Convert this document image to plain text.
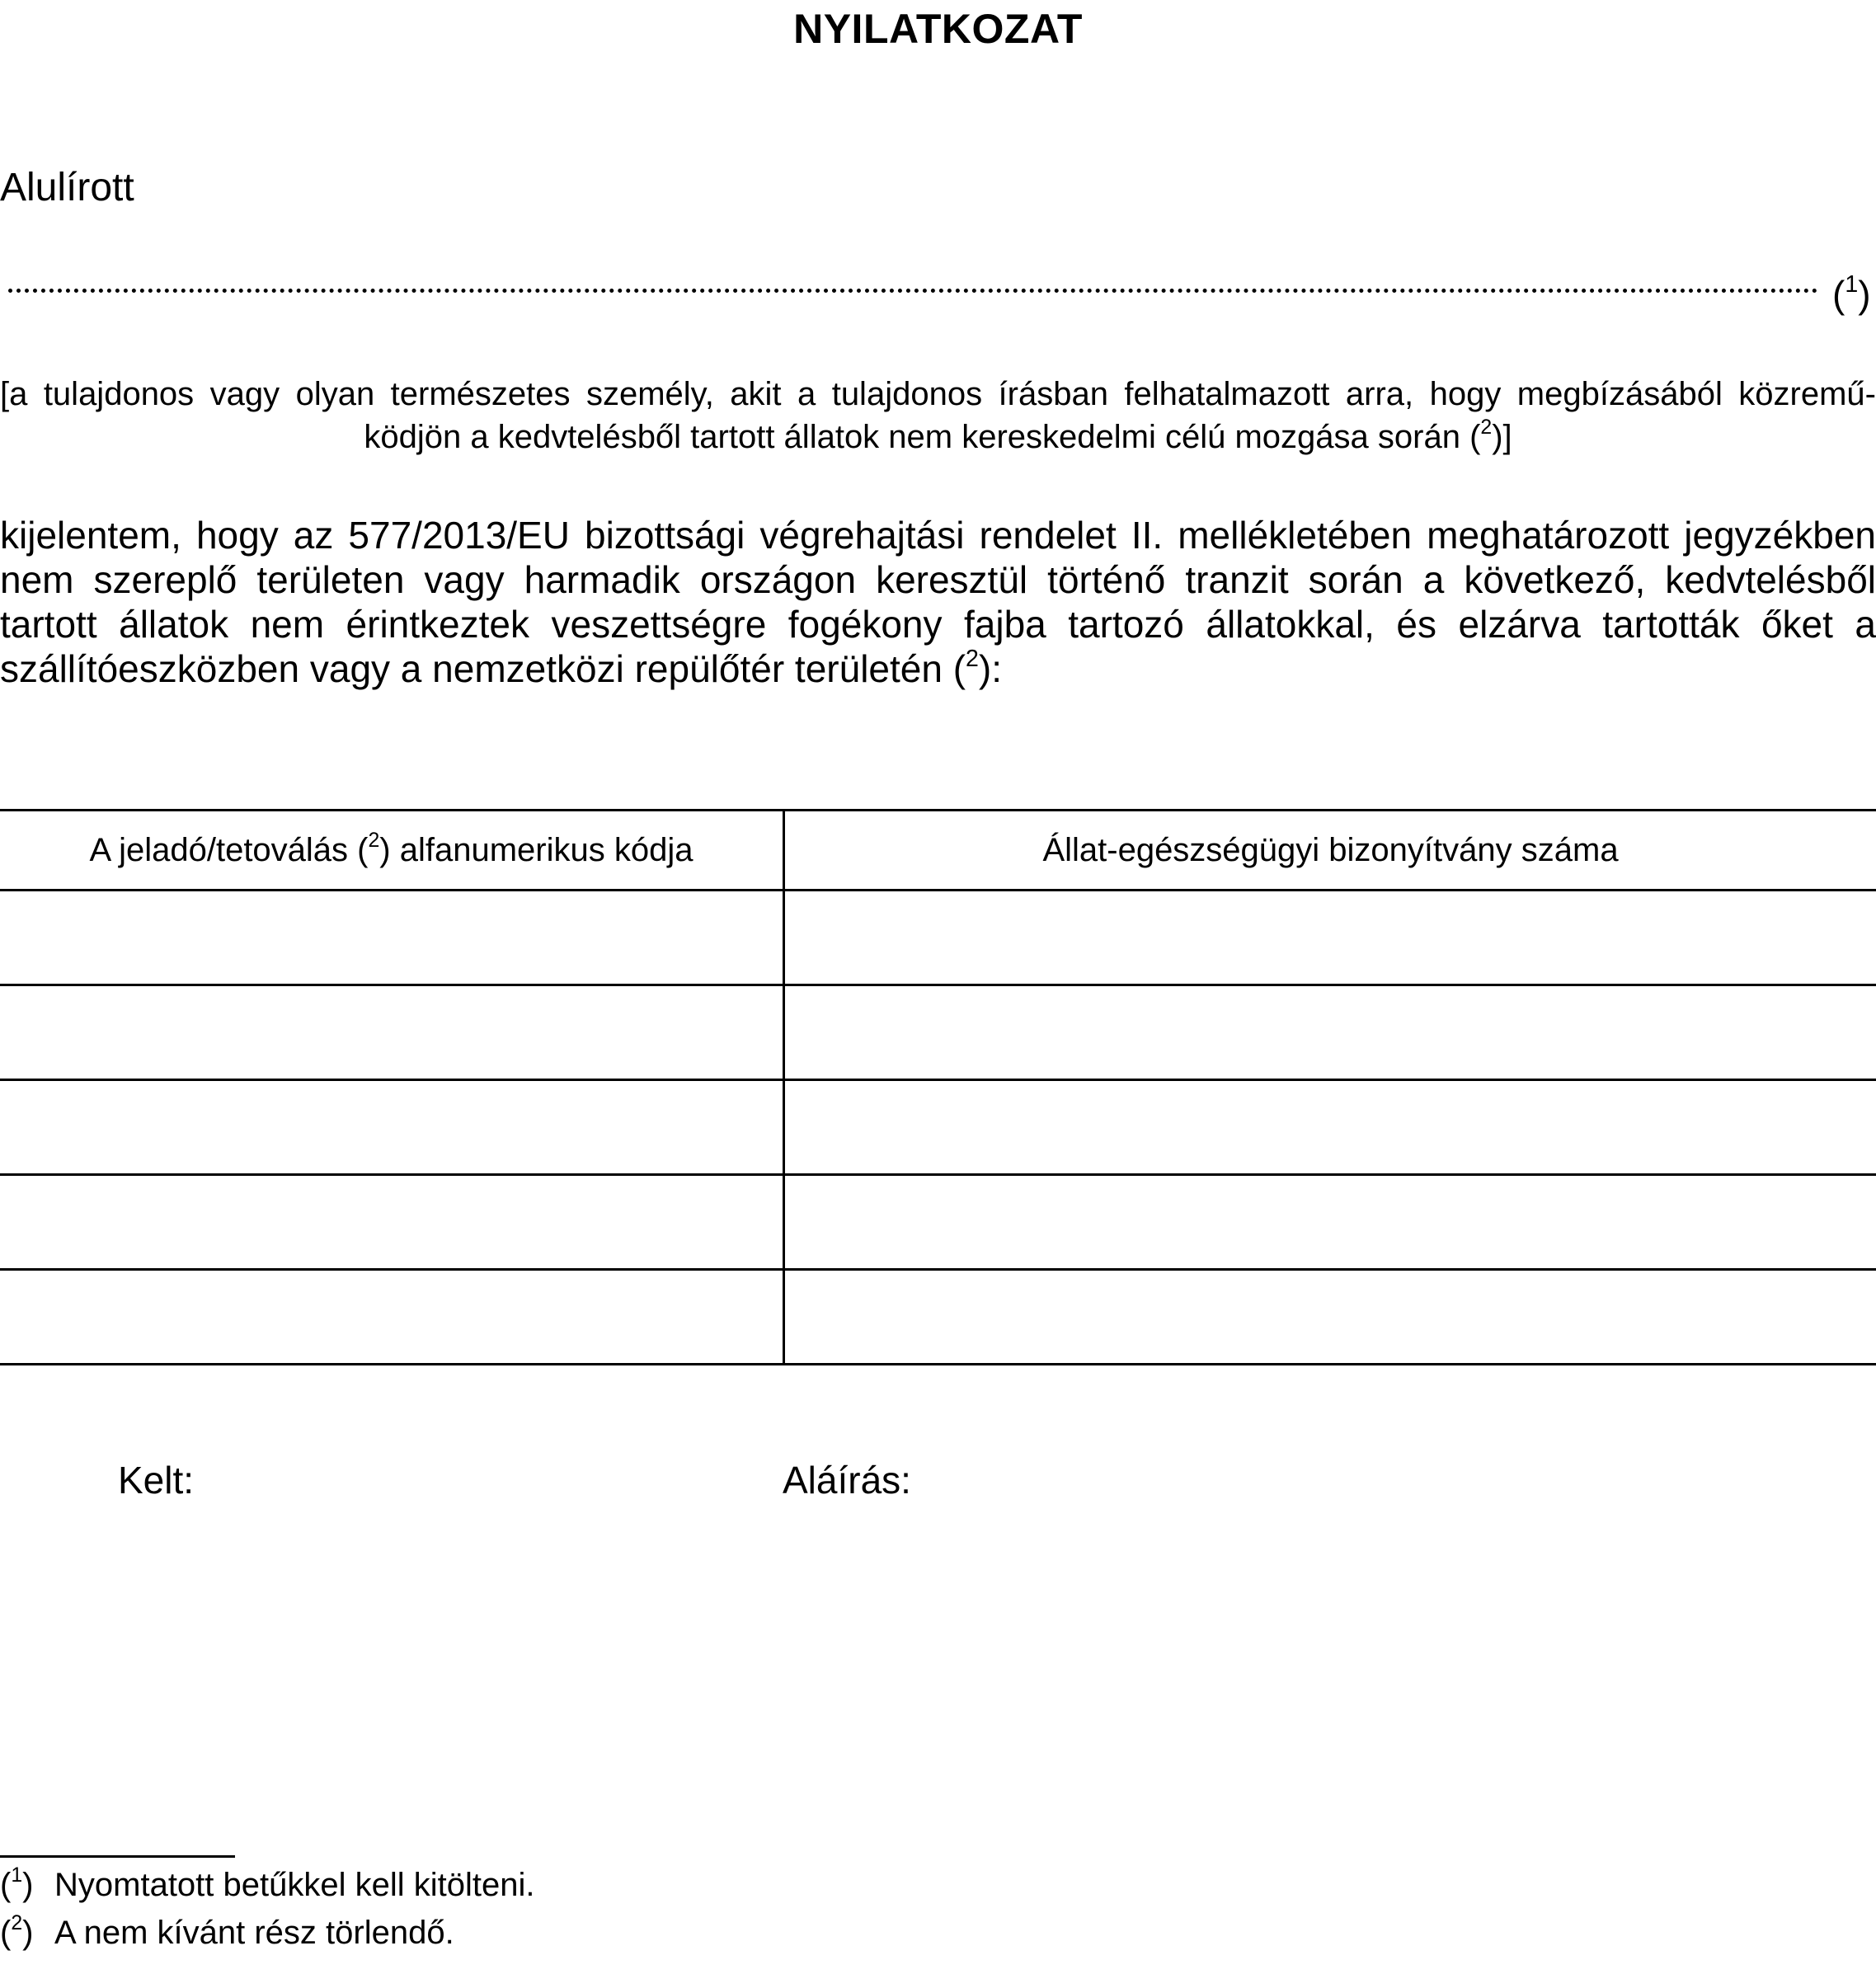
NYILATKOZAT
Alulírott
($^1$)
[a tulajdonos vagy olyan természetes személy, akit a tulajdonos írásban felhatalmazott arra, hogy megbízásából közremű-
ködjön a kedvtelésből tartott állatok nem kereskedelmi célú mozgása során ($^2$)]
kijelentem, hogy az 577/2013/EU bizottsági végrehajtási rendelet II. mellékletében meghatározott jegyzékben
nem szereplő területen vagy harmadik országon keresztül történő tranzit során a következő, kedvtelésből
tartott állatok nem érintkeztek veszettségre fogékony fajba tartozó állatokkal, és elzárva tartották őket a
szállítóeszközben vagy a nemzetközi repülőtér területén ($^2$):
A jeladó/tetoválás ($^2$) alfanumerikus kódja	Állat-egészségügyi bizonyítvány száma

Kelt:	Aláírás:
($^1$) Nyomtatott betűkkel kell kitölteni.
($^2$) A nem kívánt rész törlendő.
